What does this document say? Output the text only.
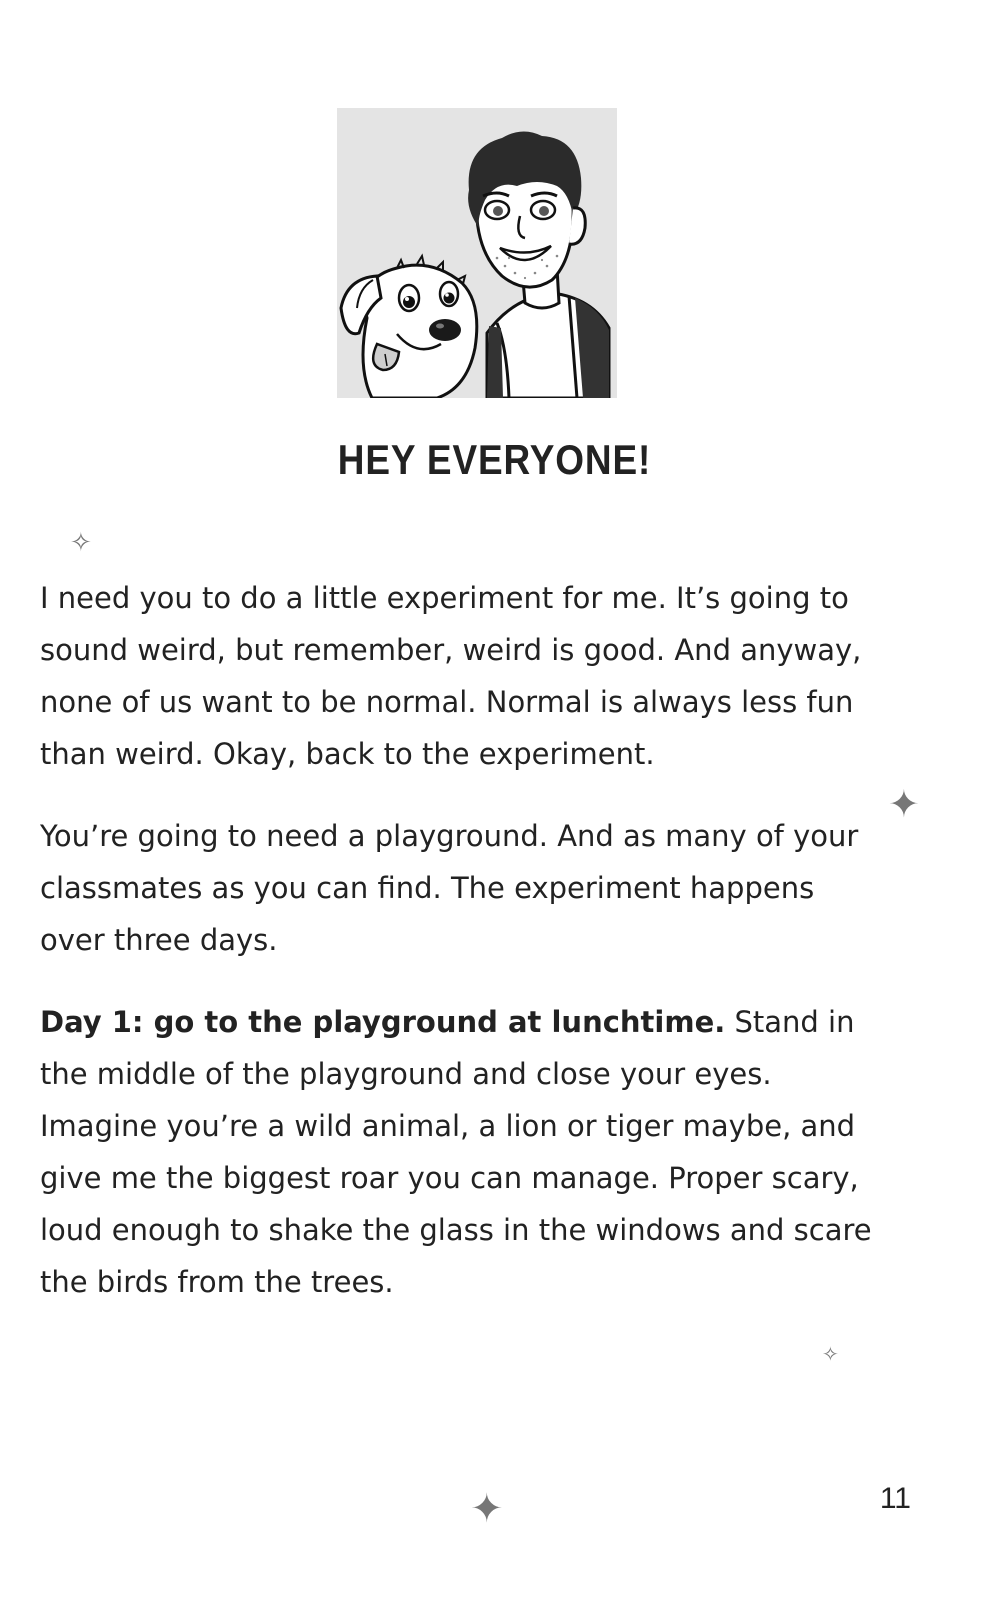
HEY EVERYONE!
✧
✦
✧
✦

I need you to do a little experiment for me. It’s going to sound weird, but remember, weird is good. And anyway, none of us want to be normal. Normal is always less fun than weird. Okay, back to the experiment.

You’re going to need a playground. And as many of your classmates as you can find. The experiment happens over three days.

Day 1: go to the playground at lunchtime. Stand in the middle of the playground and close your eyes. Imagine you’re a wild animal, a lion or tiger maybe, and give me the biggest roar you can manage. Proper scary, loud enough to shake the glass in the windows and scare the birds from the trees.

11
